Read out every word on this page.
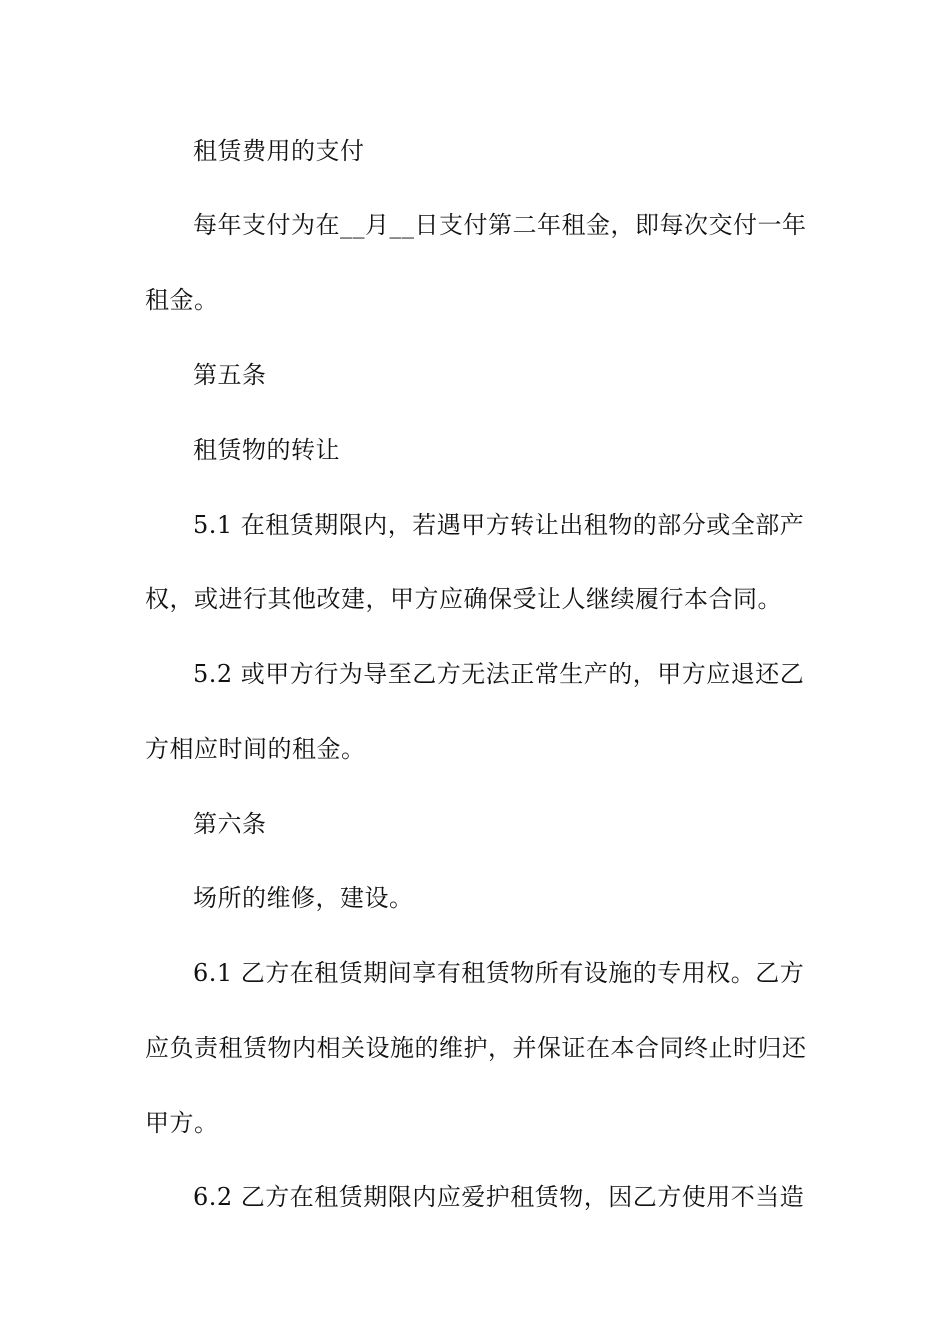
租赁费用的支付
每年支付为在__月__日支付第二年租金，即每次交付一年
租金。
第五条
租赁物的转让
5.1 在租赁期限内，若遇甲方转让出租物的部分或全部产
权，或进行其他改建，甲方应确保受让人继续履行本合同。
5.2 或甲方行为导至乙方无法正常生产的，甲方应退还乙
方相应时间的租金。
第六条
场所的维修，建设。
6.1 乙方在租赁期间享有租赁物所有设施的专用权。乙方
应负责租赁物内相关设施的维护，并保证在本合同终止时归还
甲方。
6.2 乙方在租赁期限内应爱护租赁物，因乙方使用不当造
